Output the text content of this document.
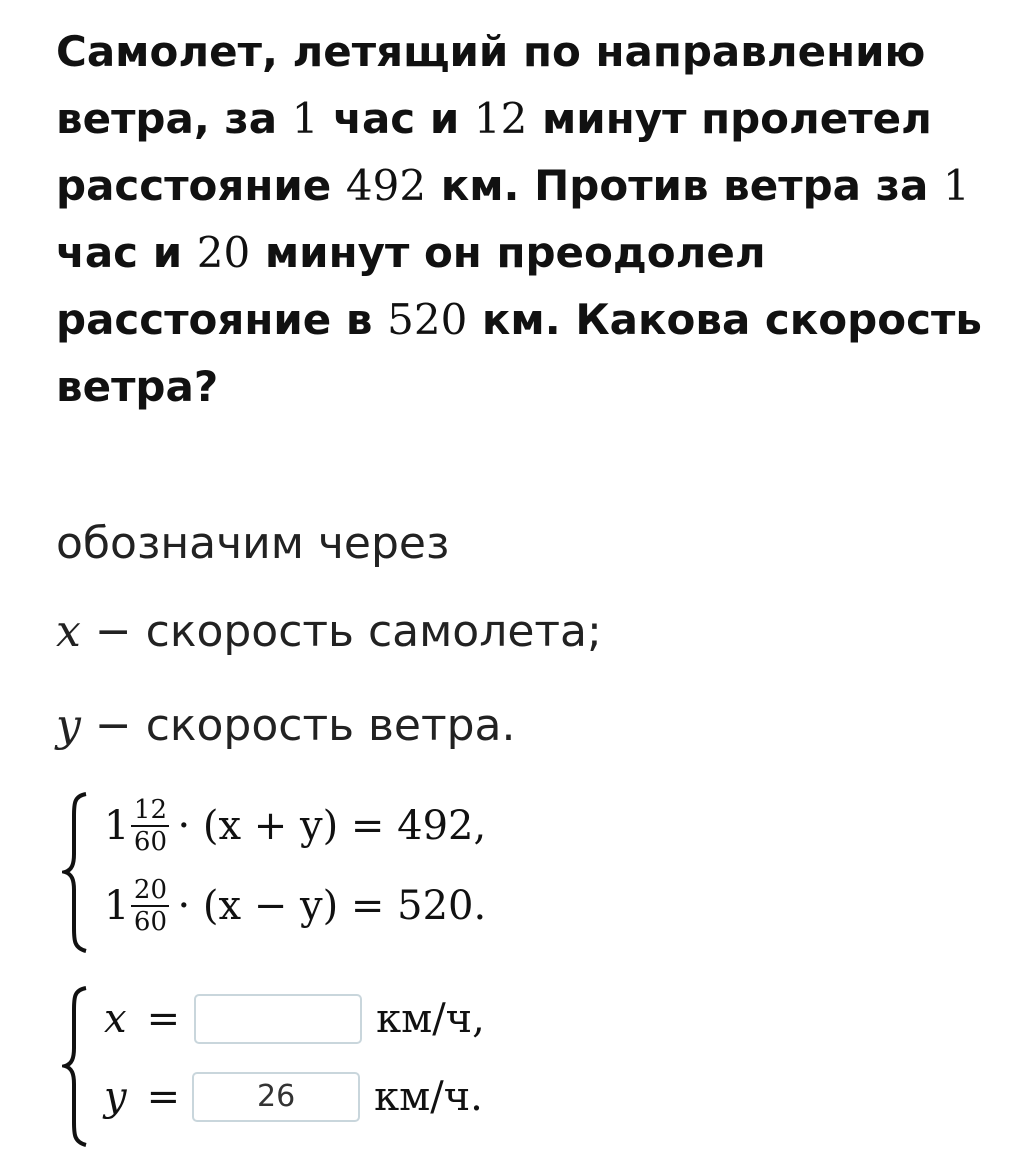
Самолет, летящий по направлению ветра, за 1 час и 12 минут пролетел расстояние 492 км. Против ветра за 1 час и 20 минут он преодолел расстояние в 520 км. Какова скорость ветра?
обозначим через
x − скорость самолета;
y − скорость ветра.
$1 \frac{12}{60} \cdot (x + y) = 492$,
$1 \frac{20}{60} \cdot (x - y) = 520$.
x =	км/ч,
y =	26	км/ч.
